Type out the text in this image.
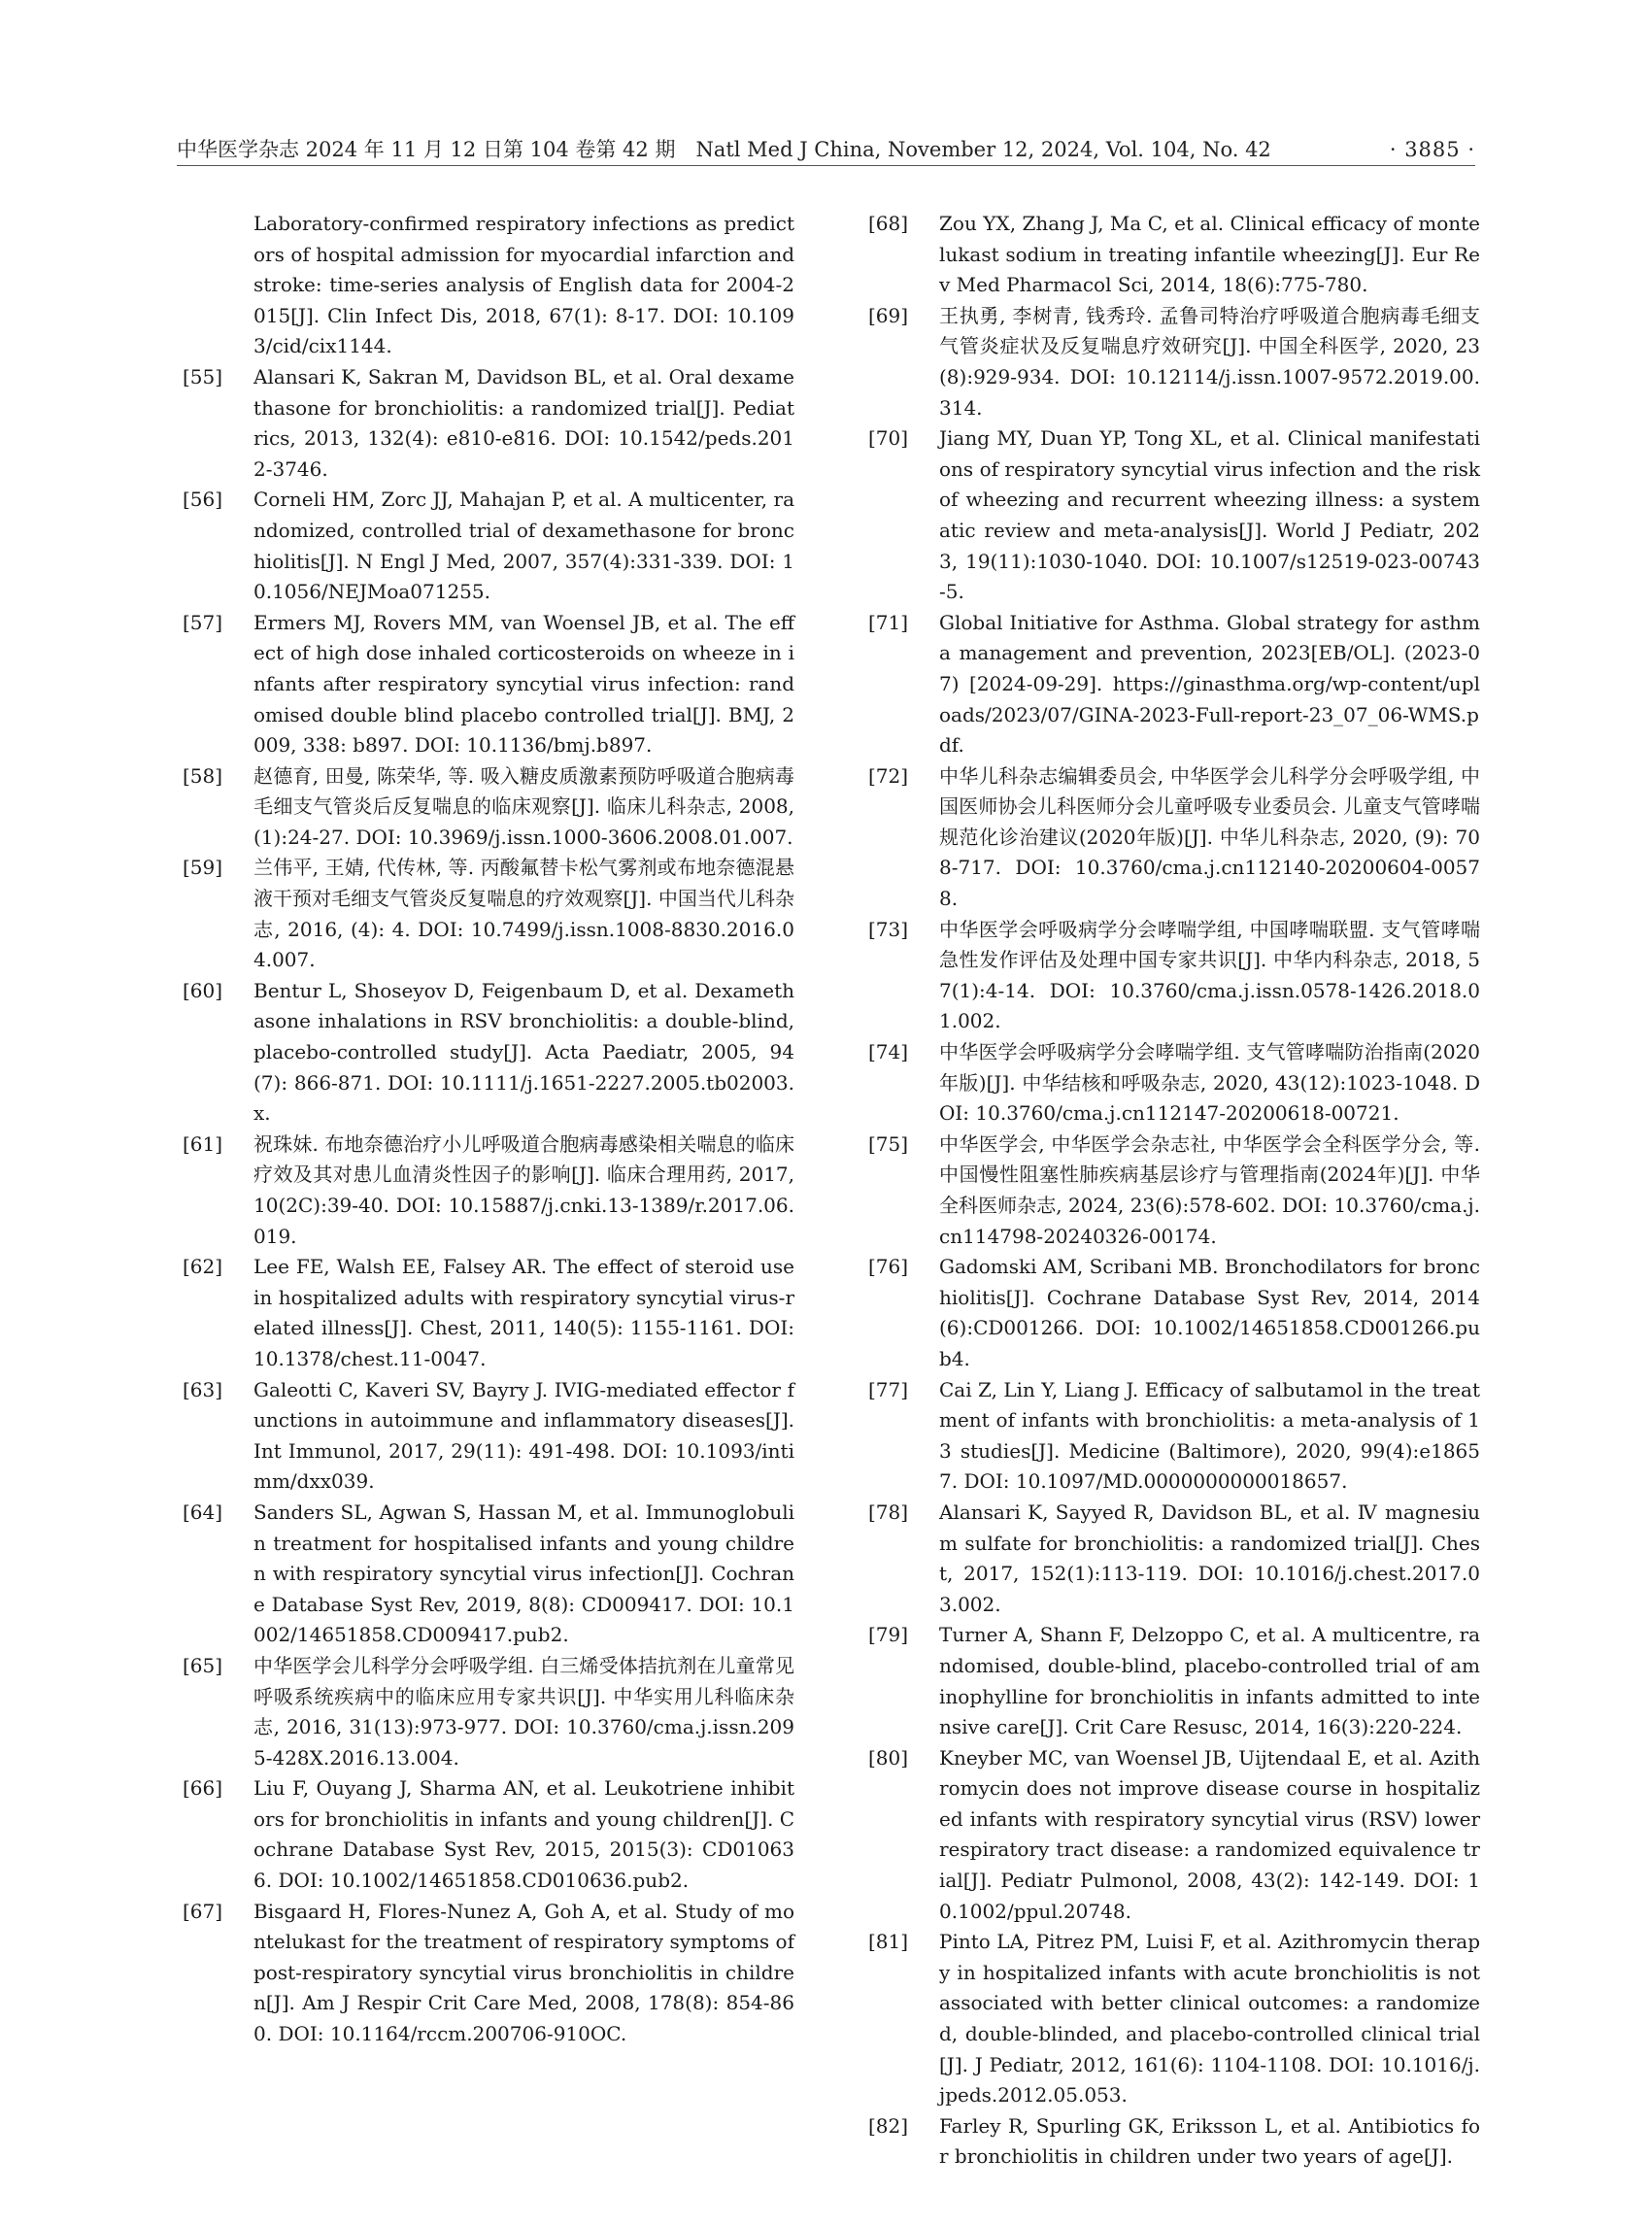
中华医学杂志 2024 年 11 月 12 日第 104 卷第 42 期　Natl Med J China, November 12, 2024, Vol. 104, No. 42	· 3885 ·
Laboratory-confirmed respiratory infections as predictors of hospital admission for myocardial infarction and stroke: time-series analysis of English data for 2004-2015[J]. Clin Infect Dis, 2018, 67(1): 8-17. DOI: 10.1093/cid/cix1144.
[55] Alansari K, Sakran M, Davidson BL, et al. Oral dexamethasone for bronchiolitis: a randomized trial[J]. Pediatrics, 2013, 132(4): e810-e816. DOI: 10.1542/peds.2012-3746.
[56] Corneli HM, Zorc JJ, Mahajan P, et al. A multicenter, randomized, controlled trial of dexamethasone for bronchiolitis[J]. N Engl J Med, 2007, 357(4):331-339. DOI: 10.1056/NEJMoa071255.
[57] Ermers MJ, Rovers MM, van Woensel JB, et al. The effect of high dose inhaled corticosteroids on wheeze in infants after respiratory syncytial virus infection: randomised double blind placebo controlled trial[J]. BMJ, 2009, 338: b897. DOI: 10.1136/bmj.b897.
[58] 赵德育, 田曼, 陈荣华, 等. 吸入糖皮质激素预防呼吸道合胞病毒毛细支气管炎后反复喘息的临床观察[J]. 临床儿科杂志, 2008, (1):24-27. DOI: 10.3969/j.issn.1000-3606.2008.01.007.
[59] 兰伟平, 王婧, 代传林, 等. 丙酸氟替卡松气雾剂或布地奈德混悬液干预对毛细支气管炎反复喘息的疗效观察[J]. 中国当代儿科杂志, 2016, (4): 4. DOI: 10.7499/j.issn.1008-8830.2016.04.007.
[60] Bentur L, Shoseyov D, Feigenbaum D, et al. Dexamethasone inhalations in RSV bronchiolitis: a double-blind, placebo-controlled study[J]. Acta Paediatr, 2005, 94(7): 866-871. DOI: 10.1111/j.1651-2227.2005.tb02003.x.
[61] 祝珠妹. 布地奈德治疗小儿呼吸道合胞病毒感染相关喘息的临床疗效及其对患儿血清炎性因子的影响[J]. 临床合理用药, 2017, 10(2C):39-40. DOI: 10.15887/j.cnki.13-1389/r.2017.06.019.
[62] Lee FE, Walsh EE, Falsey AR. The effect of steroid use in hospitalized adults with respiratory syncytial virus-related illness[J]. Chest, 2011, 140(5): 1155-1161. DOI: 10.1378/chest.11-0047.
[63] Galeotti C, Kaveri SV, Bayry J. IVIG-mediated effector functions in autoimmune and inflammatory diseases[J]. Int Immunol, 2017, 29(11): 491-498. DOI: 10.1093/intimm/dxx039.
[64] Sanders SL, Agwan S, Hassan M, et al. Immunoglobulin treatment for hospitalised infants and young children with respiratory syncytial virus infection[J]. Cochrane Database Syst Rev, 2019, 8(8): CD009417. DOI: 10.1002/14651858.CD009417.pub2.
[65] 中华医学会儿科学分会呼吸学组. 白三烯受体拮抗剂在儿童常见呼吸系统疾病中的临床应用专家共识[J]. 中华实用儿科临床杂志, 2016, 31(13):973-977. DOI: 10.3760/cma.j.issn.2095-428X.2016.13.004.
[66] Liu F, Ouyang J, Sharma AN, et al. Leukotriene inhibitors for bronchiolitis in infants and young children[J]. Cochrane Database Syst Rev, 2015, 2015(3): CD010636. DOI: 10.1002/14651858.CD010636.pub2.
[67] Bisgaard H, Flores-Nunez A, Goh A, et al. Study of montelukast for the treatment of respiratory symptoms of post-respiratory syncytial virus bronchiolitis in children[J]. Am J Respir Crit Care Med, 2008, 178(8): 854-860. DOI: 10.1164/rccm.200706-910OC.
[68] Zou YX, Zhang J, Ma C, et al. Clinical efficacy of montelukast sodium in treating infantile wheezing[J]. Eur Rev Med Pharmacol Sci, 2014, 18(6):775-780.
[69] 王执勇, 李树青, 钱秀玲. 孟鲁司特治疗呼吸道合胞病毒毛细支气管炎症状及反复喘息疗效研究[J]. 中国全科医学, 2020, 23(8):929-934. DOI: 10.12114/j.issn.1007-9572.2019.00.314.
[70] Jiang MY, Duan YP, Tong XL, et al. Clinical manifestations of respiratory syncytial virus infection and the risk of wheezing and recurrent wheezing illness: a systematic review and meta-analysis[J]. World J Pediatr, 2023, 19(11):1030-1040. DOI: 10.1007/s12519-023-00743-5.
[71] Global Initiative for Asthma. Global strategy for asthma management and prevention, 2023[EB/OL]. (2023-07) [2024-09-29]. https://ginasthma.org/wp-content/uploads/2023/07/GINA-2023-Full-report-23_07_06-WMS.pdf.
[72] 中华儿科杂志编辑委员会, 中华医学会儿科学分会呼吸学组, 中国医师协会儿科医师分会儿童呼吸专业委员会. 儿童支气管哮喘规范化诊治建议(2020年版)[J]. 中华儿科杂志, 2020, (9): 708-717. DOI: 10.3760/cma.j.cn112140-20200604-00578.
[73] 中华医学会呼吸病学分会哮喘学组, 中国哮喘联盟. 支气管哮喘急性发作评估及处理中国专家共识[J]. 中华内科杂志, 2018, 57(1):4-14. DOI: 10.3760/cma.j.issn.0578-1426.2018.01.002.
[74] 中华医学会呼吸病学分会哮喘学组. 支气管哮喘防治指南(2020年版)[J]. 中华结核和呼吸杂志, 2020, 43(12):1023-1048. DOI: 10.3760/cma.j.cn112147-20200618-00721.
[75] 中华医学会, 中华医学会杂志社, 中华医学会全科医学分会, 等. 中国慢性阻塞性肺疾病基层诊疗与管理指南(2024年)[J]. 中华全科医师杂志, 2024, 23(6):578-602. DOI: 10.3760/cma.j.cn114798-20240326-00174.
[76] Gadomski AM, Scribani MB. Bronchodilators for bronchiolitis[J]. Cochrane Database Syst Rev, 2014, 2014(6):CD001266. DOI: 10.1002/14651858.CD001266.pub4.
[77] Cai Z, Lin Y, Liang J. Efficacy of salbutamol in the treatment of infants with bronchiolitis: a meta-analysis of 13 studies[J]. Medicine (Baltimore), 2020, 99(4):e18657. DOI: 10.1097/MD.0000000000018657.
[78] Alansari K, Sayyed R, Davidson BL, et al. Ⅳ magnesium sulfate for bronchiolitis: a randomized trial[J]. Chest, 2017, 152(1):113-119. DOI: 10.1016/j.chest.2017.03.002.
[79] Turner A, Shann F, Delzoppo C, et al. A multicentre, randomised, double-blind, placebo-controlled trial of aminophylline for bronchiolitis in infants admitted to intensive care[J]. Crit Care Resusc, 2014, 16(3):220-224.
[80] Kneyber MC, van Woensel JB, Uijtendaal E, et al. Azithromycin does not improve disease course in hospitalized infants with respiratory syncytial virus (RSV) lower respiratory tract disease: a randomized equivalence trial[J]. Pediatr Pulmonol, 2008, 43(2): 142-149. DOI: 10.1002/ppul.20748.
[81] Pinto LA, Pitrez PM, Luisi F, et al. Azithromycin therapy in hospitalized infants with acute bronchiolitis is not associated with better clinical outcomes: a randomized, double-blinded, and placebo-controlled clinical trial[J]. J Pediatr, 2012, 161(6): 1104-1108. DOI: 10.1016/j.jpeds.2012.05.053.
[82] Farley R, Spurling GK, Eriksson L, et al. Antibiotics for bronchiolitis in children under two years of age[J].
